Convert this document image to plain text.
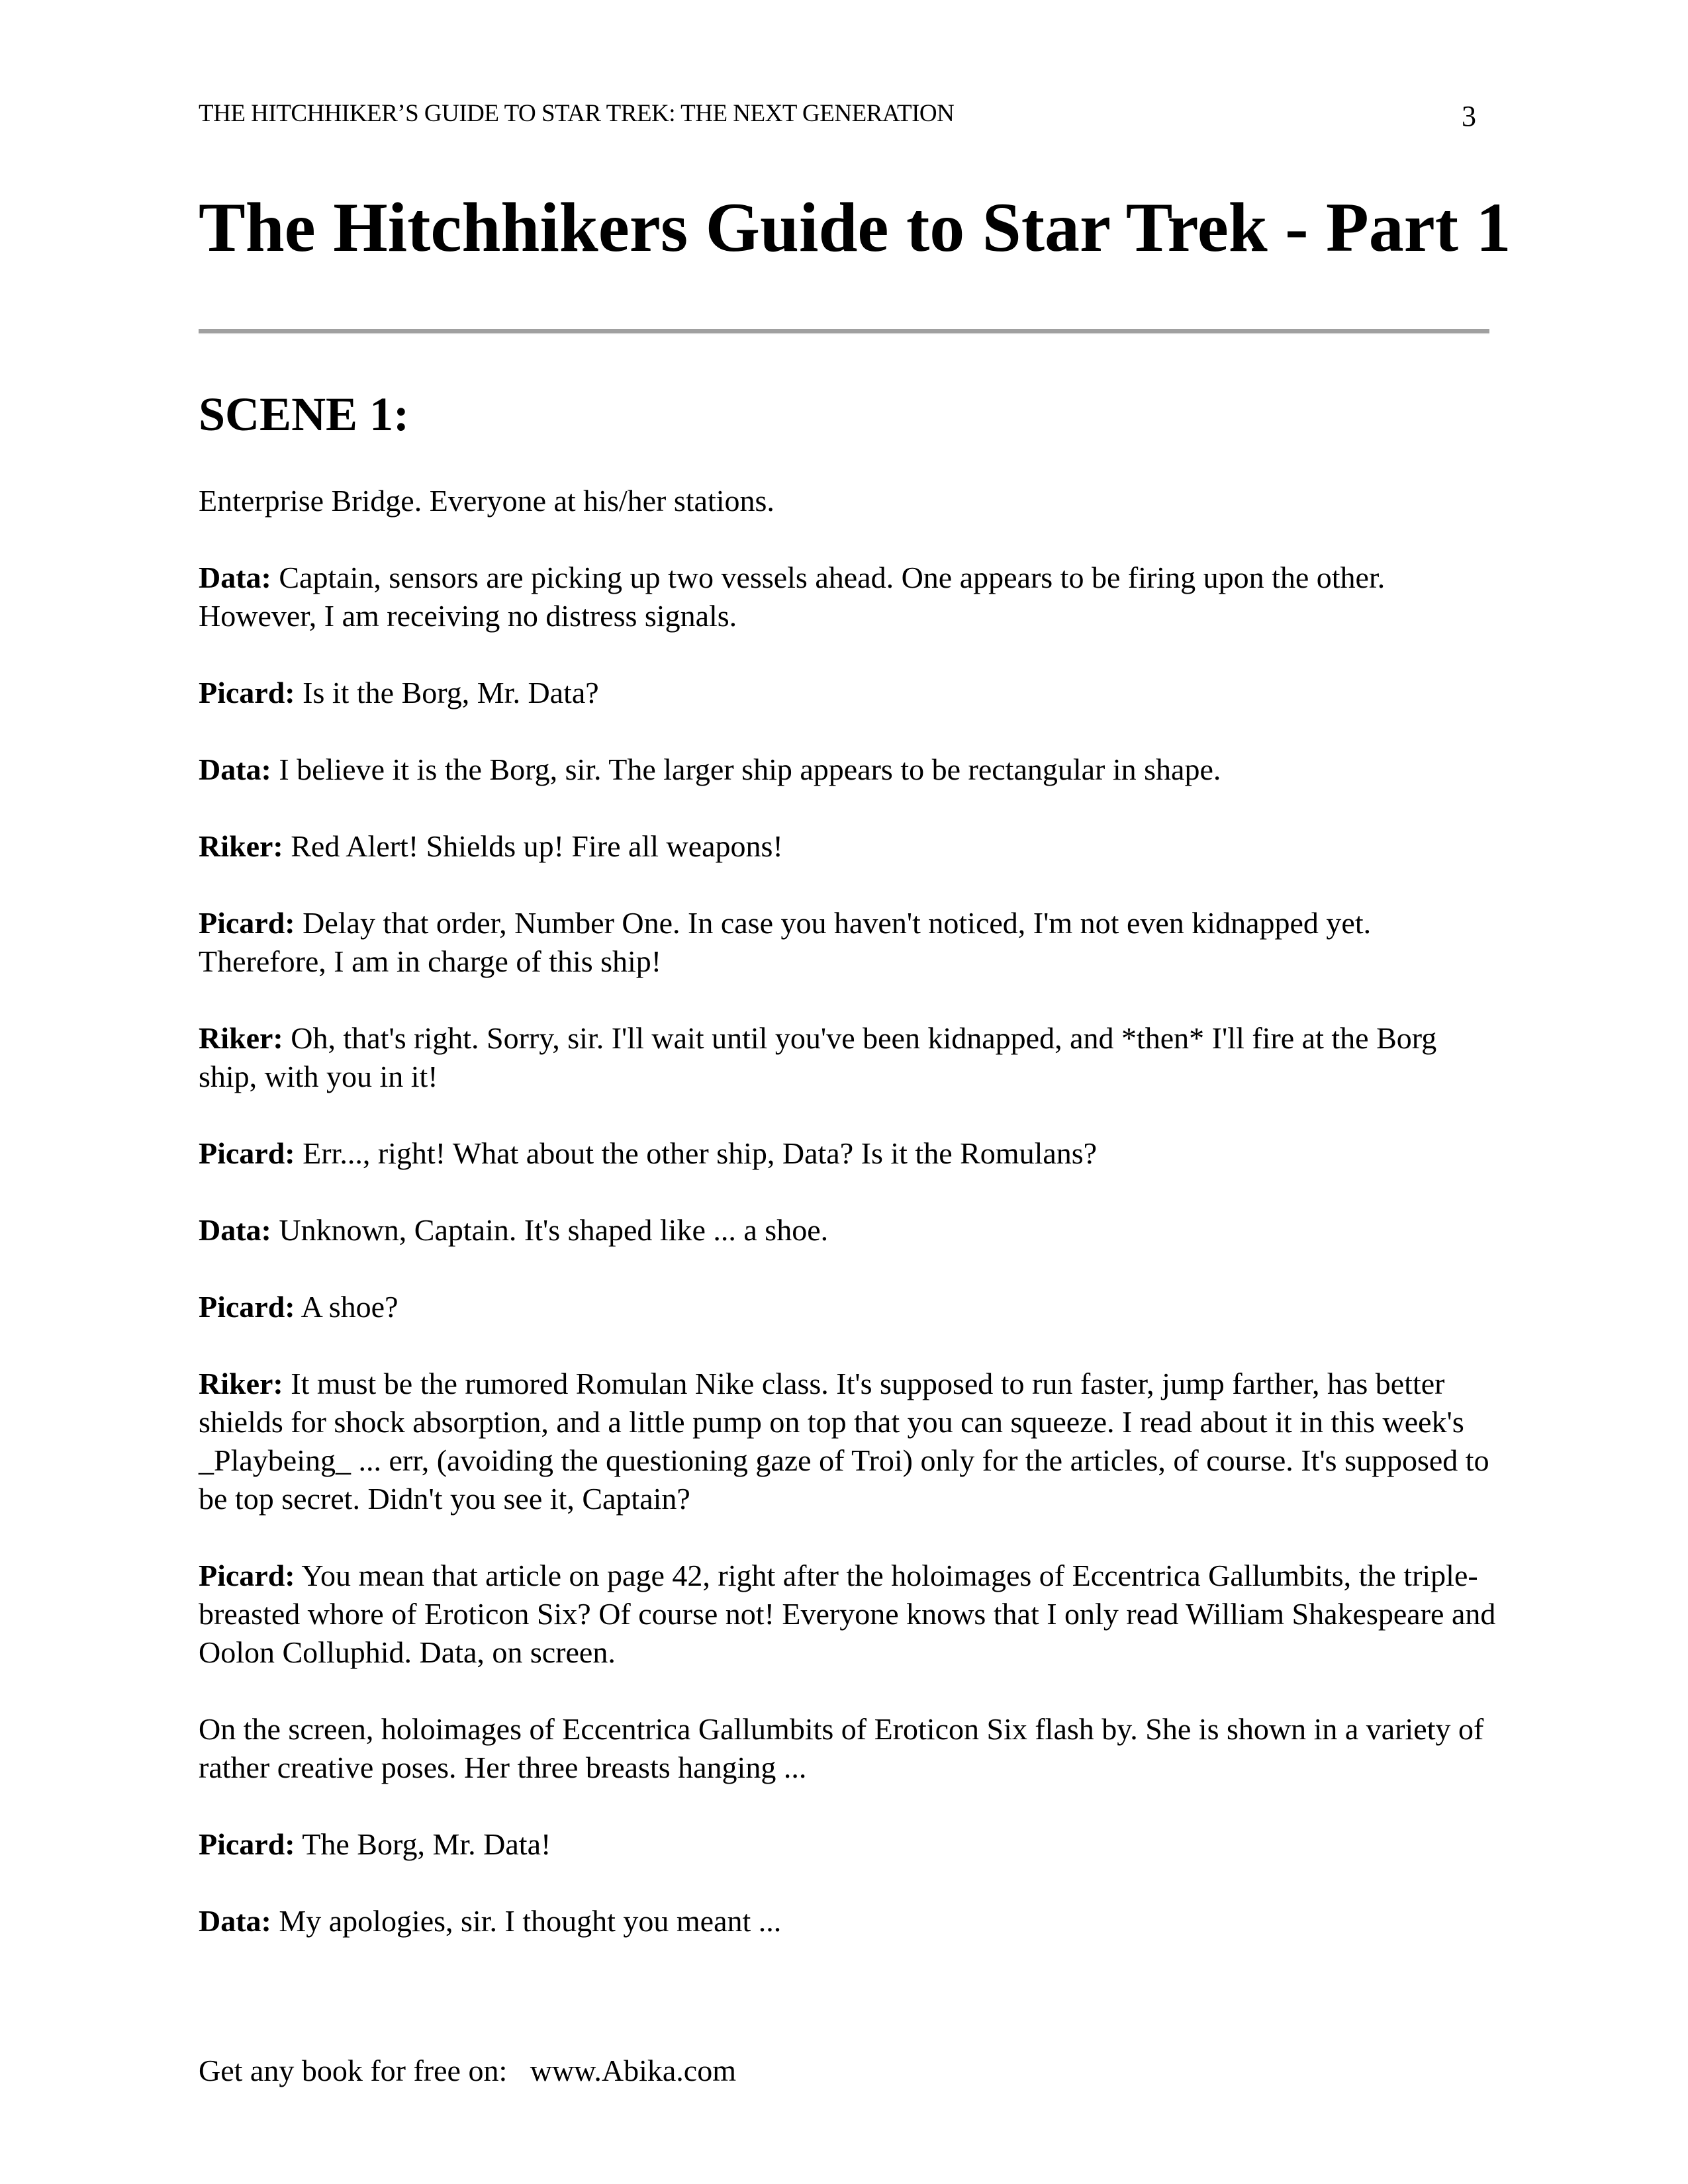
THE HITCHHIKER’S GUIDE TO STAR TREK: THE NEXT GENERATION	3
The Hitchhikers Guide to Star Trek - Part 1
SCENE 1:

Enterprise Bridge. Everyone at his/her stations.

Data: Captain, sensors are picking up two vessels ahead. One appears to be firing upon the other. However, I am receiving no distress signals.

Picard: Is it the Borg, Mr. Data?

Data: I believe it is the Borg, sir. The larger ship appears to be rectangular in shape.

Riker: Red Alert! Shields up! Fire all weapons!

Picard: Delay that order, Number One. In case you haven't noticed, I'm not even kidnapped yet. Therefore, I am in charge of this ship!

Riker: Oh, that's right. Sorry, sir. I'll wait until you've been kidnapped, and *then* I'll fire at the Borg ship, with you in it!

Picard: Err..., right! What about the other ship, Data? Is it the Romulans?

Data: Unknown, Captain. It's shaped like ... a shoe.

Picard: A shoe?

Riker: It must be the rumored Romulan Nike class. It's supposed to run faster, jump farther, has better shields for shock absorption, and a little pump on top that you can squeeze. I read about it in this week's _Playbeing_ ... err, (avoiding the questioning gaze of Troi) only for the articles, of course. It's supposed to be top secret. Didn't you see it, Captain?

Picard: You mean that article on page 42, right after the holoimages of Eccentrica Gallumbits, the triple-breasted whore of Eroticon Six? Of course not! Everyone knows that I only read William Shakespeare and Oolon Colluphid. Data, on screen.

On the screen, holoimages of Eccentrica Gallumbits of Eroticon Six flash by. She is shown in a variety of rather creative poses. Her three breasts hanging ...

Picard: The Borg, Mr. Data!

Data: My apologies, sir. I thought you meant ...

Get any book for free on:   www.Abika.com
